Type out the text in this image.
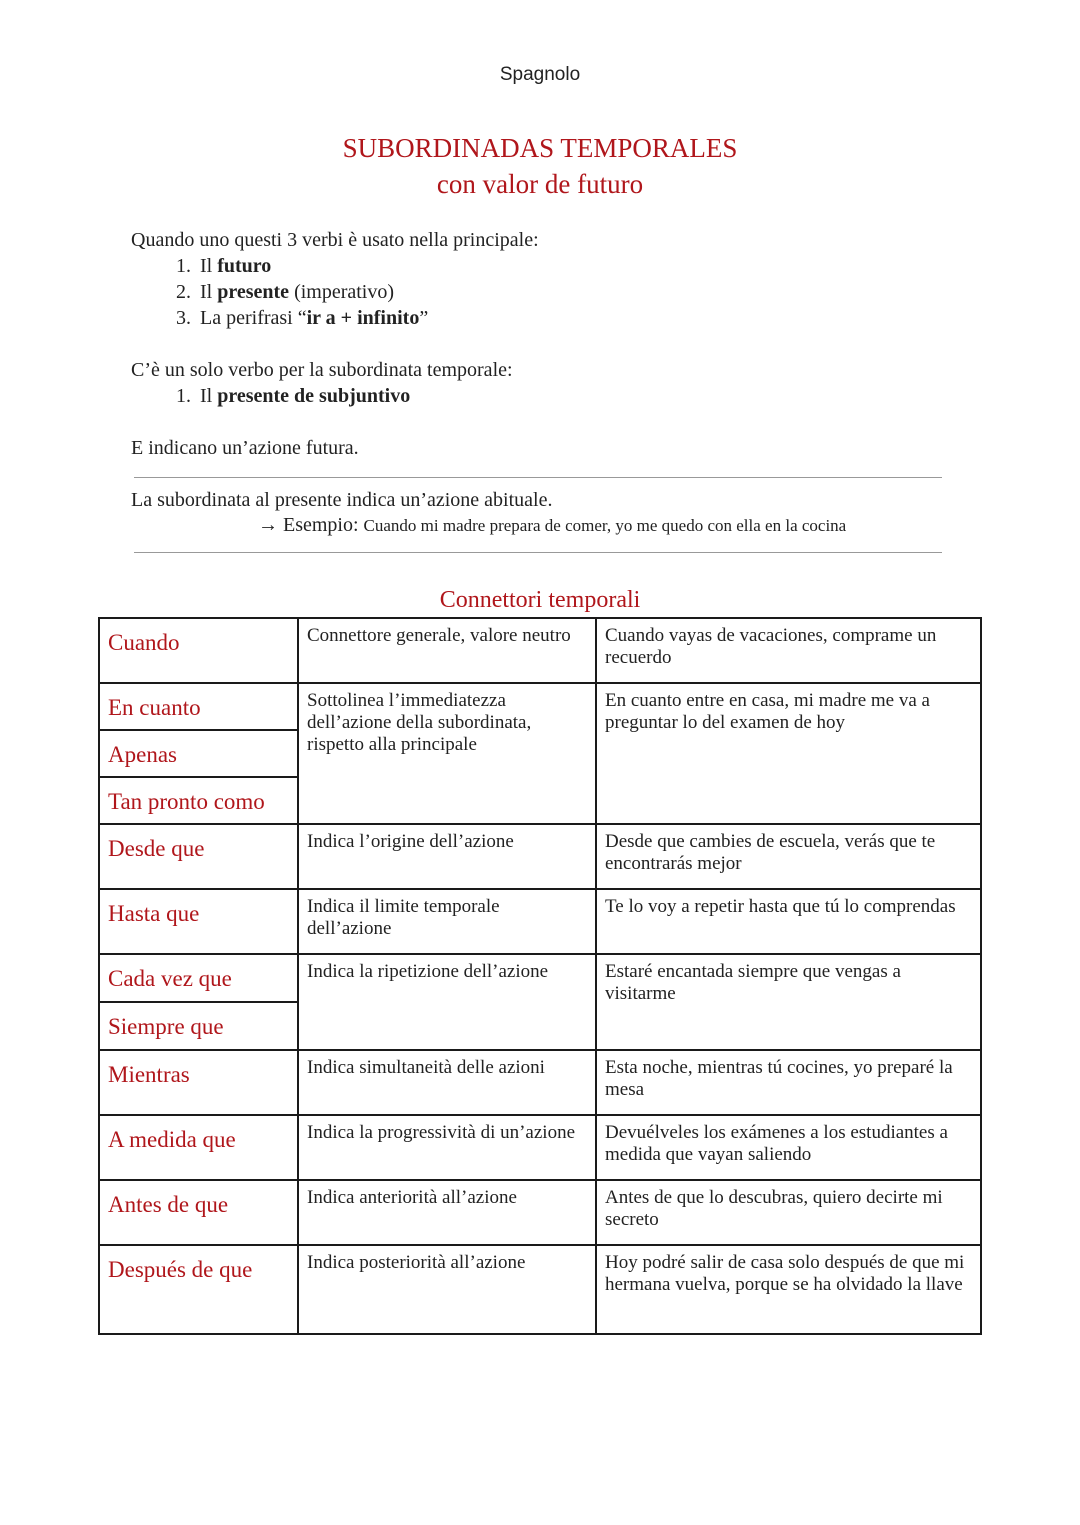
Spagnolo
SUBORDINADAS TEMPORALES
con valor de futuro
Quando uno questi 3 verbi è usato nella principale:
1. Il futuro
2. Il presente (imperativo)
3. La perifrasi “ir a + infinito”
C’è un solo verbo per la subordinata temporale:
1. Il presente de subjuntivo
E indicano un’azione futura.
La subordinata al presente indica un’azione abituale.
→ Esempio: Cuando mi madre prepara de comer, yo me quedo con ella en la cocina
Connettori temporali
Cuando	Connettore generale, valore neutro	Cuando vayas de vacaciones, comprame un recuerdo
En cuanto	Sottolinea l’immediatezza dell’azione della subordinata, rispetto alla principale	En cuanto entre en casa, mi madre me va a preguntar lo del examen de hoy
Apenas		
Tan pronto como		
Desde que	Indica l’origine dell’azione	Desde que cambies de escuela, verás que te encontrarás mejor
Hasta que	Indica il limite temporale dell’azione	Te lo voy a repetir hasta que tú lo comprendas
Cada vez que	Indica la ripetizione dell’azione	Estaré encantada siempre que vengas a visitarme
Siempre que		
Mientras	Indica simultaneità delle azioni	Esta noche, mientras tú cocines, yo preparé la mesa
A medida que	Indica la progressività di un’azione	Devuélveles los exámenes a los estudiantes a medida que vayan saliendo
Antes de que	Indica anteriorità all’azione	Antes de que lo descubras, quiero decirte mi secreto
Después de que	Indica posteriorità all’azione	Hoy podré salir de casa solo después de que mi hermana vuelva, porque se ha olvidado la llave
